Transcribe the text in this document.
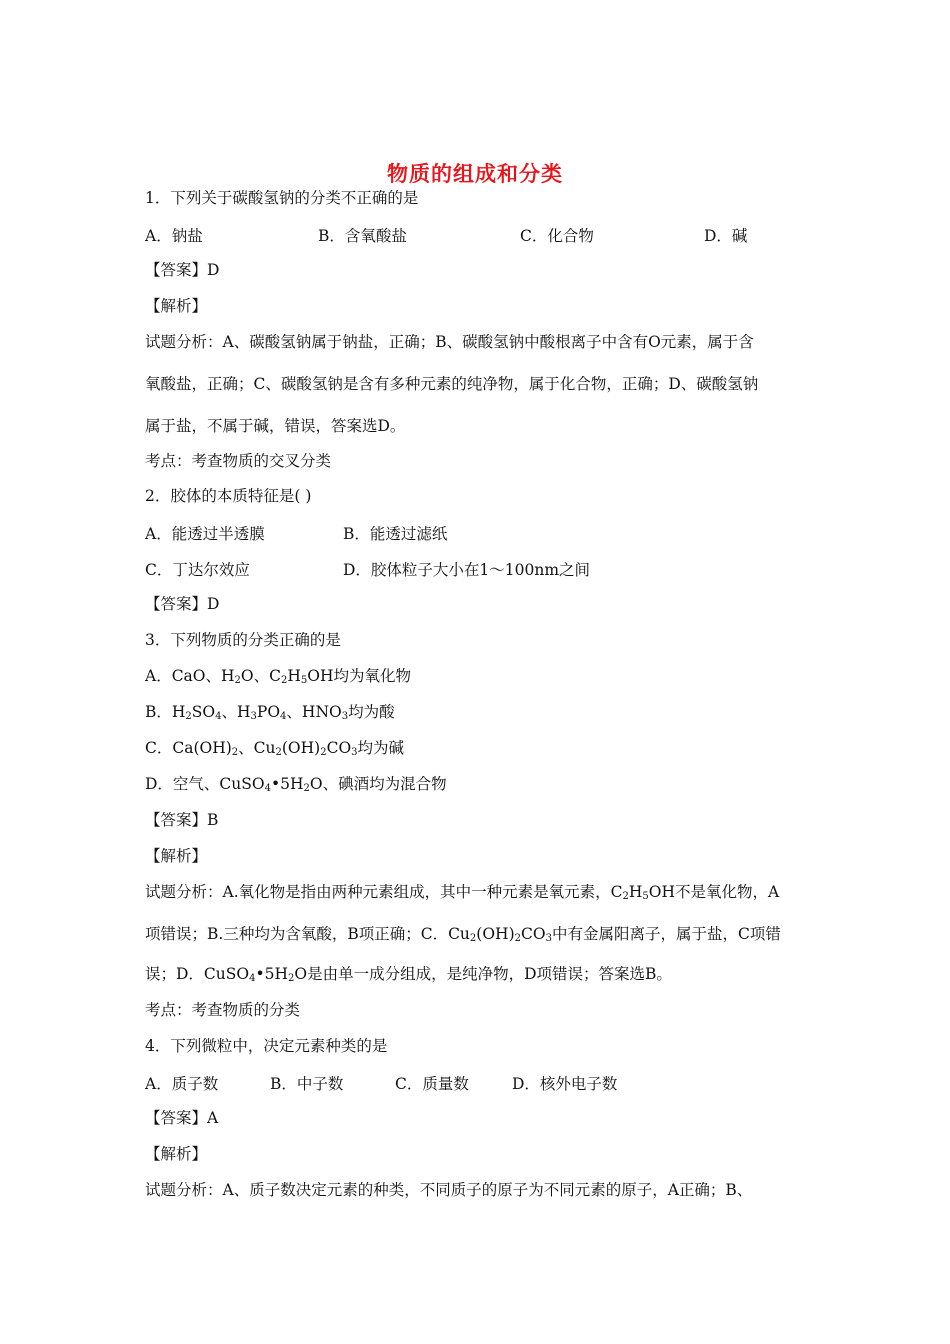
物质的组成和分类
1．下列关于碳酸氢钠的分类不正确的是
A．钠盐	B．含氧酸盐	C．化合物	D．碱
【答案】D
【解析】
试题分析：A、碳酸氢钠属于钠盐，正确；B、碳酸氢钠中酸根离子中含有O元素，属于含
氧酸盐，正确；C、碳酸氢钠是含有多种元素的纯净物，属于化合物，正确；D、碳酸氢钠
属于盐，不属于碱，错误，答案选D。
考点：考查物质的交叉分类
2．胶体的本质特征是( )
A．能透过半透膜	B．能透过滤纸
C．丁达尔效应	D．胶体粒子大小在1～100nm之间
【答案】D
3．下列物质的分类正确的是
A．CaO、$H_2O$、$C_2H_5OH$均为氧化物
B．$H_2SO_4$、$H_3PO_4$、$HNO_3$均为酸
C．$Ca(OH)_2$、$Cu_2(OH)_2CO_3$均为碱
D．空气、$CuSO_4•5H_2O$、碘酒均为混合物
【答案】B
【解析】
试题分析：A.氧化物是指由两种元素组成，其中一种元素是氧元素，$C_2H_5OH$不是氧化物，A
项错误；B.三种均为含氧酸，B项正确；C．$Cu_2(OH)_2CO_3$中有金属阳离子，属于盐，C项错
误；D．$CuSO_4•5H_2O$是由单一成分组成，是纯净物，D项错误；答案选B。
考点：考查物质的分类
4．下列微粒中，决定元素种类的是
A．质子数	B．中子数	C．质量数	D．核外电子数
【答案】A
【解析】
试题分析：A、质子数决定元素的种类，不同质子的原子为不同元素的原子，A正确；B、
